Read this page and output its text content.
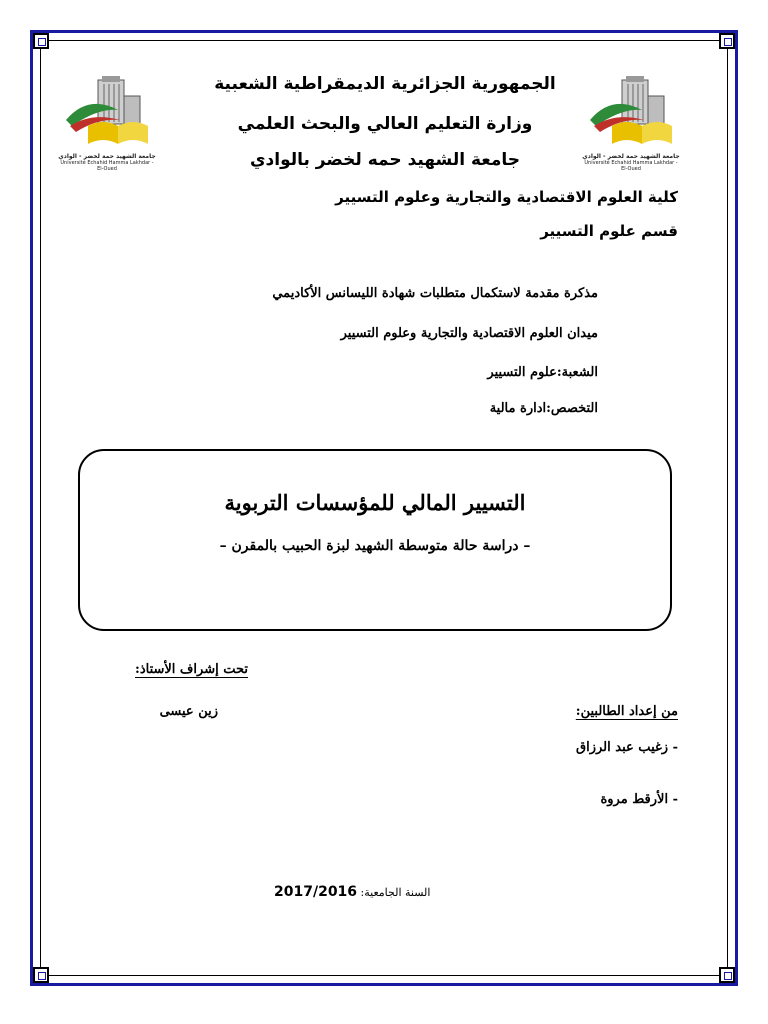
جامعة الشهيد حمة لخضر - الوادي
Université Echahid Hamma Lakhdar - El-Oued
جامعة الشهيد حمة لخضر - الوادي
Université Echahid Hamma Lakhdar - El-Oued
الجمهورية الجزائرية الديمقراطية الشعبية
وزارة التعليم العالي والبحث العلمي
جامعة الشهيد حمه لخضر بالوادي
كلية العلوم الاقتصادية والتجارية وعلوم التسيير
قسم علوم التسيير
مذكرة مقدمة لاستكمال متطلبات شهادة الليسانس الأكاديمي
ميدان العلوم الاقتصادية والتجارية وعلوم التسيير
الشعبة:علوم التسيير
التخصص:ادارة مالية
التسيير المالي للمؤسسات التربوية
– دراسة حالة متوسطة الشهيد لبزة الحبيب بالمقرن –
تحت إشراف الأستاذ:
زين عيسى	من إعداد الطالبين:
- زغيب عبد الرزاق
- الأرقط مروة
2017/2016 السنة الجامعية:
